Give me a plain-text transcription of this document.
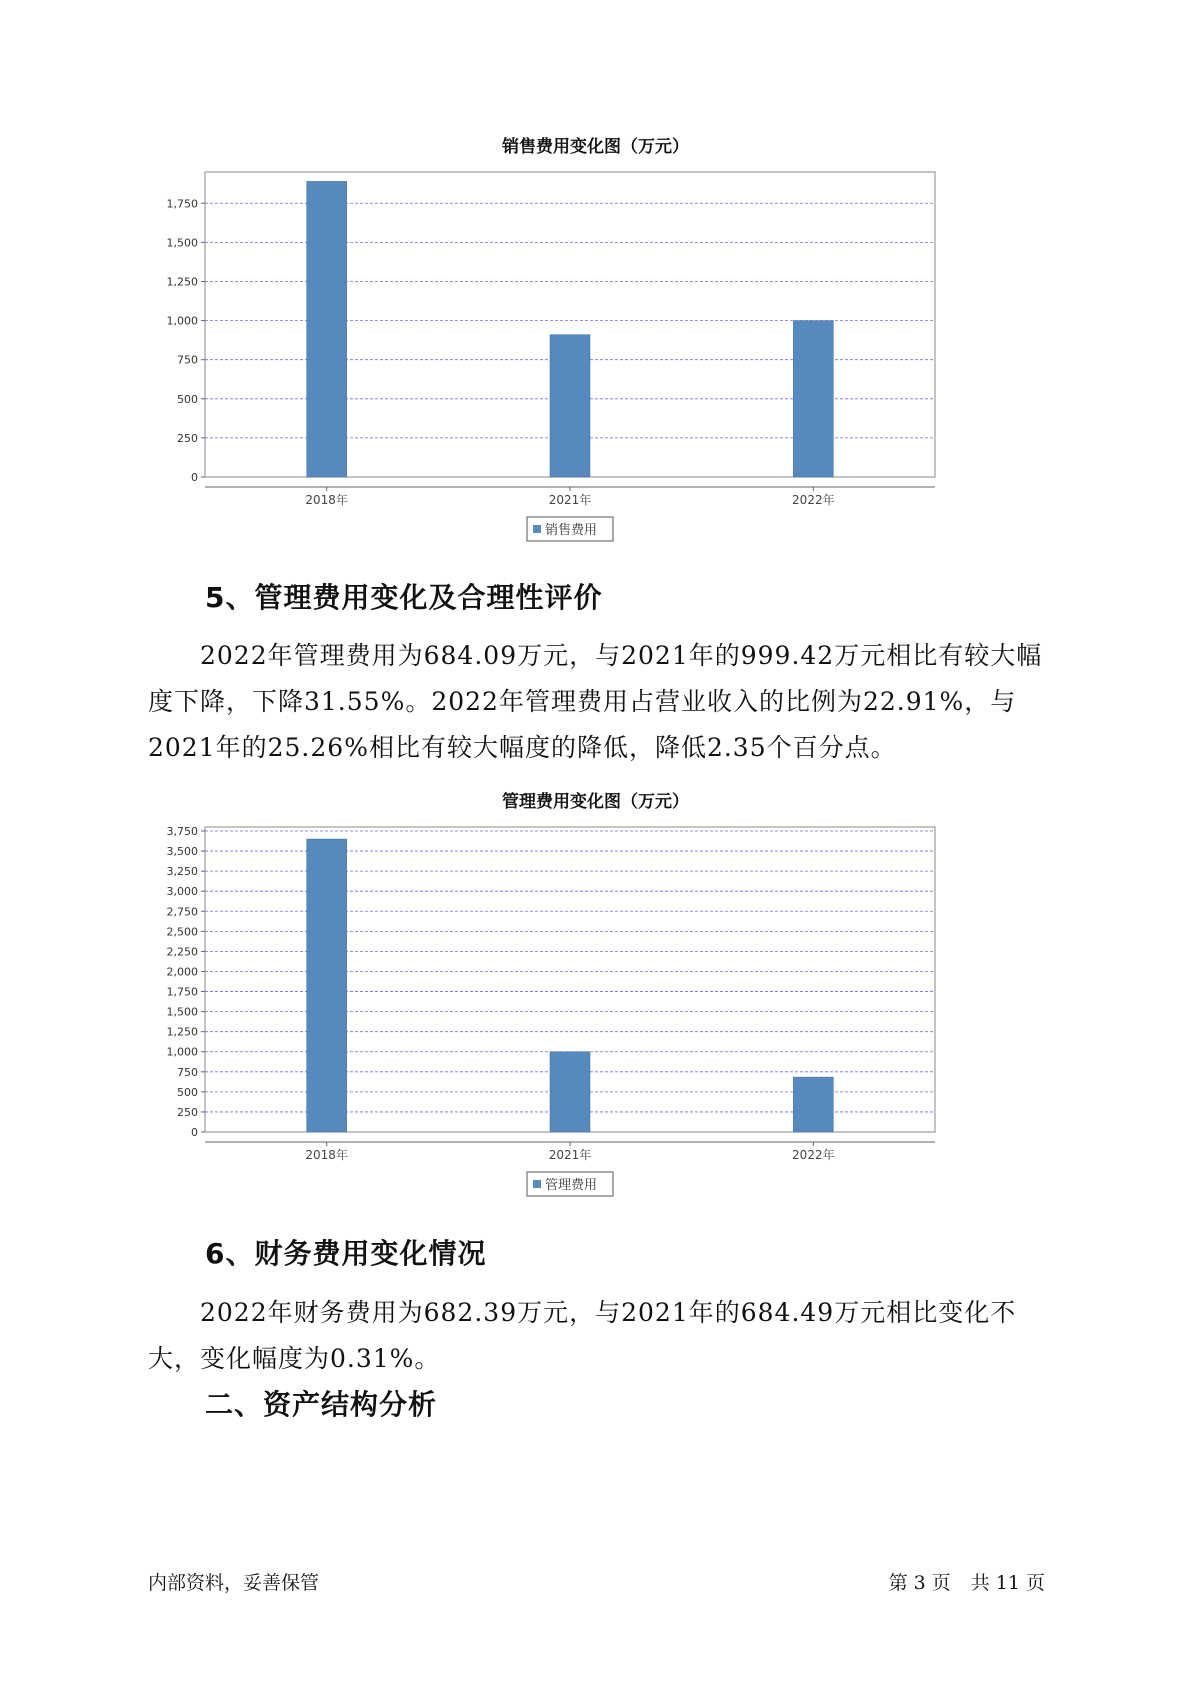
销售费用变化图（万元）
0
250
500
750
1,000
1,250
1,500
1,750
2018年	2021年	2022年
销售费用
5、管理费用变化及合理性评价
2022年管理费用为684.09万元，与2021年的999.42万元相比有较大幅度下降，下降31.55%。2022年管理费用占营业收入的比例为22.91%，与2021年的25.26%相比有较大幅度的降低，降低2.35个百分点。
管理费用变化图（万元）
0
250
500
750
1,000
1,250
1,500
1,750
2,000
2,250
2,500
2,750
3,000
3,250
3,500
3,750
2018年	2021年	2022年
管理费用
6、财务费用变化情况
2022年财务费用为682.39万元，与2021年的684.49万元相比变化不大，变化幅度为0.31%。
二、资产结构分析
内部资料，妥善保管	第 3 页 共 11 页
